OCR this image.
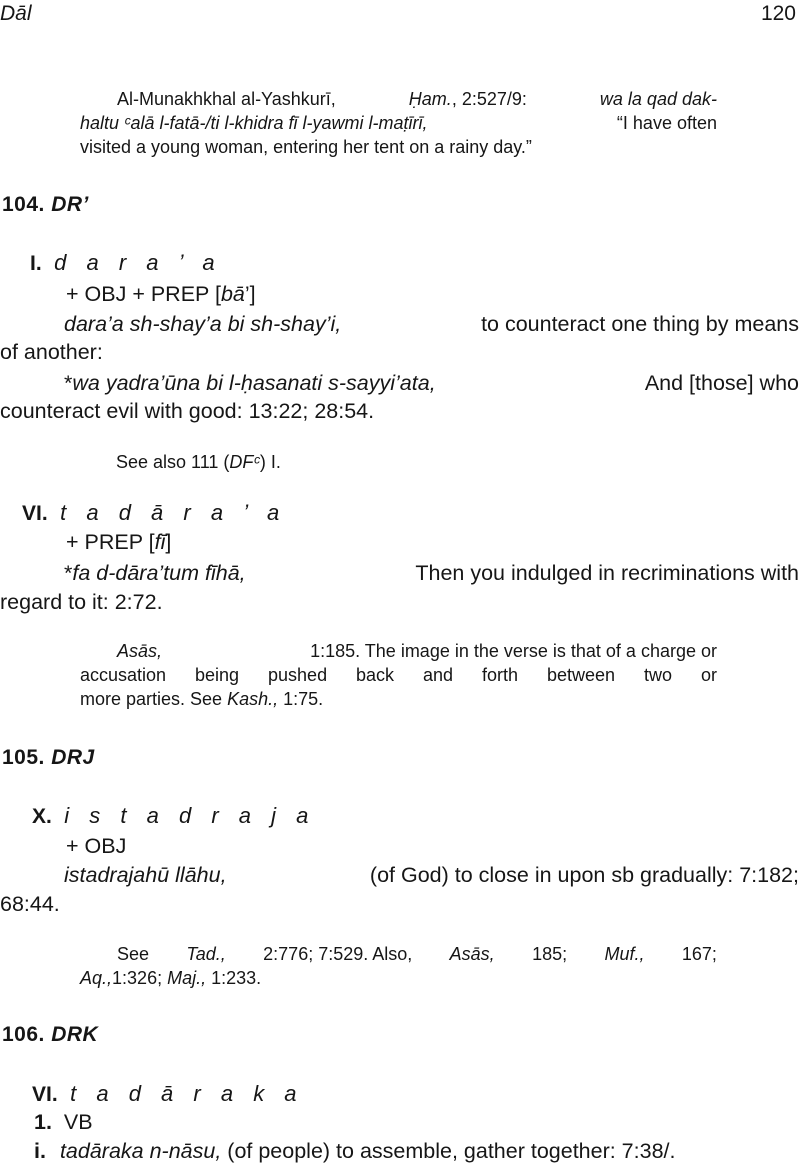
Dāl	120
Al-Munakhkhal al-Yashkurī,	Ḥam., 2:527/9:	wa la qad dak-
haltu ᶜalā l-fatā-/ti l-khidra fī l-yawmi l-maṭīrī,	“I have often
visited a young woman, entering her tent on a rainy day.”
104. DR’
I. d a r a ’ a
+ OBJ + PREP [bā’]
dara’a sh-shay’a bi sh-shay’i,	to counteract one thing by means
of another:
*wa yadra’ūna bi l-ḥasanati s-sayyi’ata,	And [those] who
counteract evil with good: 13:22; 28:54.
See also 111 (DFᶜ) I.
VI. t a d ā r a ’ a
+ PREP [fī]
*fa d-dāra’tum fīhā,	Then you indulged in recriminations with
regard to it: 2:72.
Asās,	1:185. The image in the verse is that of a charge or
accusation being pushed back and forth between two or
more parties. See Kash., 1:75.
105. DRJ
X. i s t a d r a j a
+ OBJ
istadrajahū llāhu,	(of God) to close in upon sb gradually: 7:182;
68:44.
See Tad., 2:776; 7:529. Also, Asās, 185; Muf., 167;
Aq.,1:326; Maj., 1:233.
106. DRK
VI. t a d ā r a k a
1. VB
i. tadāraka n-nāsu, (of people) to assemble, gather together: 7:38/.
